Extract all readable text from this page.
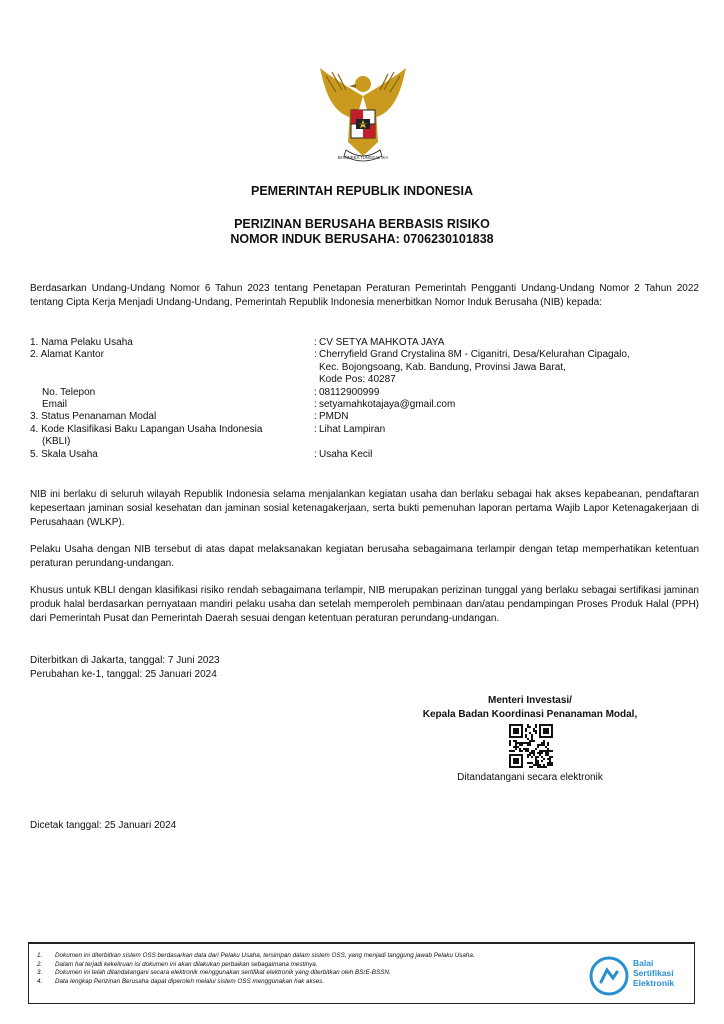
BHINNEKA TUNGGAL IKA
PEMERINTAH REPUBLIK INDONESIA
PERIZINAN BERUSAHA BERBASIS RISIKO
NOMOR INDUK BERUSAHA: 0706230101838
Berdasarkan Undang-Undang Nomor 6 Tahun 2023 tentang Penetapan Peraturan Pemerintah Pengganti Undang-Undang Nomor 2 Tahun 2022 tentang Cipta Kerja Menjadi Undang-Undang, Pemerintah Republik Indonesia menerbitkan Nomor Induk Berusaha (NIB) kepada:
1. Nama Pelaku Usaha	: CV SETYA MAHKOTA JAYA
2. Alamat Kantor	: Cherryfield Grand Crystalina 8M - Ciganitri, Desa/Kelurahan Cipagalo,
Kec. Bojongsoang, Kab. Bandung, Provinsi Jawa Barat,
Kode Pos: 40287
No. Telepon	: 08112900999
Email	: setyamahkotajaya@gmail.com
3. Status Penanaman Modal	: PMDN
4. Kode Klasifikasi Baku Lapangan Usaha Indonesia	: Lihat Lampiran
(KBLI)
5. Skala Usaha	: Usaha Kecil
NIB ini berlaku di seluruh wilayah Republik Indonesia selama menjalankan kegiatan usaha dan berlaku sebagai hak akses kepabeanan, pendaftaran kepesertaan jaminan sosial kesehatan dan jaminan sosial ketenagakerjaan, serta bukti pemenuhan laporan pertama Wajib Lapor Ketenagakerjaan di Perusahaan (WLKP).
Pelaku Usaha dengan NIB tersebut di atas dapat melaksanakan kegiatan berusaha sebagaimana terlampir dengan tetap memperhatikan ketentuan peraturan perundang-undangan.
Khusus untuk KBLI dengan klasifikasi risiko rendah sebagaimana terlampir, NIB merupakan perizinan tunggal yang berlaku sebagai sertifikasi jaminan produk halal berdasarkan pernyataan mandiri pelaku usaha dan setelah memperoleh pembinaan dan/atau pendampingan Proses Produk Halal (PPH) dari Pemerintah Pusat dan Pemerintah Daerah sesuai dengan ketentuan peraturan perundang-undangan.
Diterbitkan di Jakarta, tanggal: 7 Juni 2023
Perubahan ke-1, tanggal: 25 Januari 2024
Menteri Investasi/
Kepala Badan Koordinasi Penanaman Modal,
Ditandatangani secara elektronik
Dicetak tanggal: 25 Januari 2024
1.	Dokumen ini diterbitkan sistem OSS berdasarkan data dari Pelaku Usaha, tersimpan dalam sistem OSS, yang menjadi tanggung jawab Pelaku Usaha.
2.	Dalam hal terjadi kekeliruan isi dokumen ini akan dilakukan perbaikan sebagaimana mestinya.
3.	Dokumen ini telah ditandatangani secara elektronik menggunakan sertifikat elektronik yang diterbitkan oleh BSrE-BSSN.
4.	Data lengkap Perizinan Berusaha dapat diperoleh melalui sistem OSS menggunakan hak akses.
Balai
Sertifikasi
Elektronik
